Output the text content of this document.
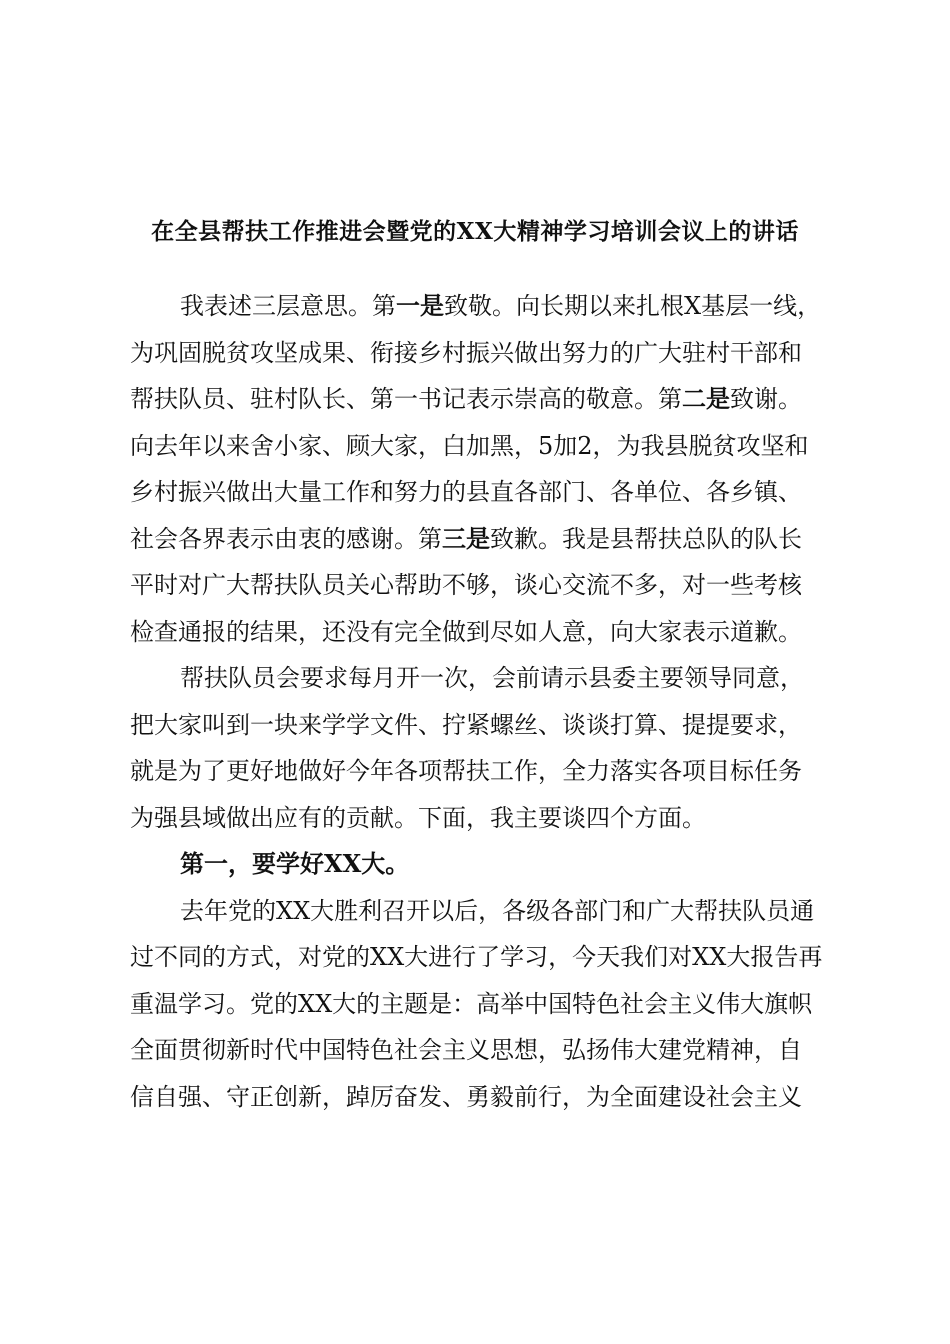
在全县帮扶工作推进会暨党的XX大精神学习培训会议上的讲话
我表述三层意思。第一是致敬。向长期以来扎根X基层一线，
为巩固脱贫攻坚成果、衔接乡村振兴做出努力的广大驻村干部和
帮扶队员、驻村队长、第一书记表示崇高的敬意。第二是致谢。
向去年以来舍小家、顾大家，白加黑，5加2，为我县脱贫攻坚和
乡村振兴做出大量工作和努力的县直各部门、各单位、各乡镇、
社会各界表示由衷的感谢。第三是致歉。我是县帮扶总队的队长
平时对广大帮扶队员关心帮助不够，谈心交流不多，对一些考核
检查通报的结果，还没有完全做到尽如人意，向大家表示道歉。
帮扶队员会要求每月开一次，会前请示县委主要领导同意，
把大家叫到一块来学学文件、拧紧螺丝、谈谈打算、提提要求，
就是为了更好地做好今年各项帮扶工作，全力落实各项目标任务
为强县域做出应有的贡献。下面，我主要谈四个方面。
第一，要学好XX大。
去年党的XX大胜利召开以后，各级各部门和广大帮扶队员通
过不同的方式，对党的XX大进行了学习，今天我们对XX大报告再
重温学习。党的XX大的主题是：高举中国特色社会主义伟大旗帜
全面贯彻新时代中国特色社会主义思想，弘扬伟大建党精神，自
信自强、守正创新，踔厉奋发、勇毅前行，为全面建设社会主义
